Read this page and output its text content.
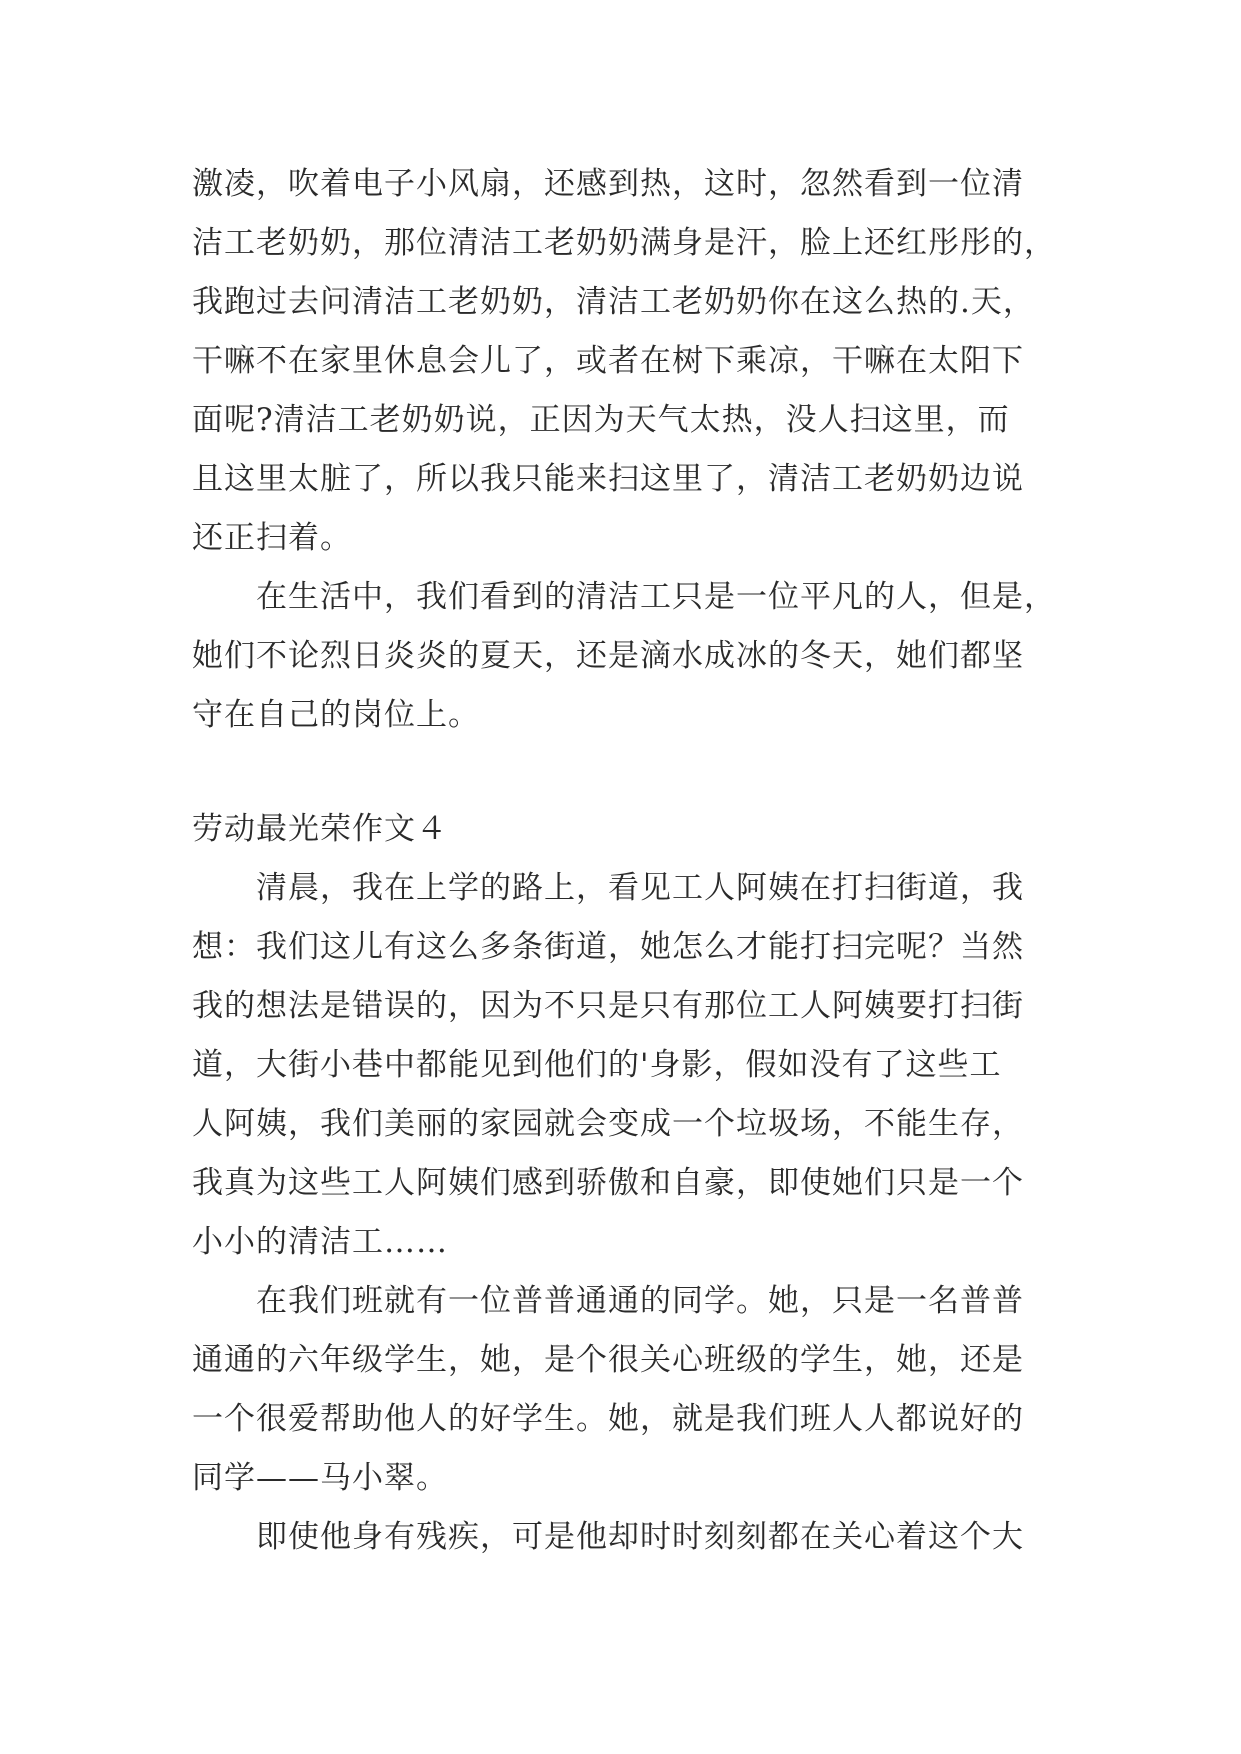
激凌，吹着电子小风扇，还感到热，这时，忽然看到一位清
洁工老奶奶，那位清洁工老奶奶满身是汗，脸上还红彤彤的，
我跑过去问清洁工老奶奶，清洁工老奶奶你在这么热的.天，
干嘛不在家里休息会儿了，或者在树下乘凉，干嘛在太阳下
面呢?清洁工老奶奶说，正因为天气太热，没人扫这里，而
且这里太脏了，所以我只能来扫这里了，清洁工老奶奶边说
还正扫着。
　　在生活中，我们看到的清洁工只是一位平凡的人，但是，
她们不论烈日炎炎的夏天，还是滴水成冰的冬天，她们都坚
守在自己的岗位上。
劳动最光荣作文４
　　清晨，我在上学的路上，看见工人阿姨在打扫街道，我
想：我们这儿有这么多条街道，她怎么才能打扫完呢？当然
我的想法是错误的，因为不只是只有那位工人阿姨要打扫街
道，大街小巷中都能见到他们的'身影，假如没有了这些工
人阿姨，我们美丽的家园就会变成一个垃圾场，不能生存，
我真为这些工人阿姨们感到骄傲和自豪，即使她们只是一个
小小的清洁工……
　　在我们班就有一位普普通通的同学。她，只是一名普普
通通的六年级学生，她，是个很关心班级的学生，她，还是
一个很爱帮助他人的好学生。她，就是我们班人人都说好的
同学——马小翠。
　　即使他身有残疾，可是他却时时刻刻都在关心着这个大
